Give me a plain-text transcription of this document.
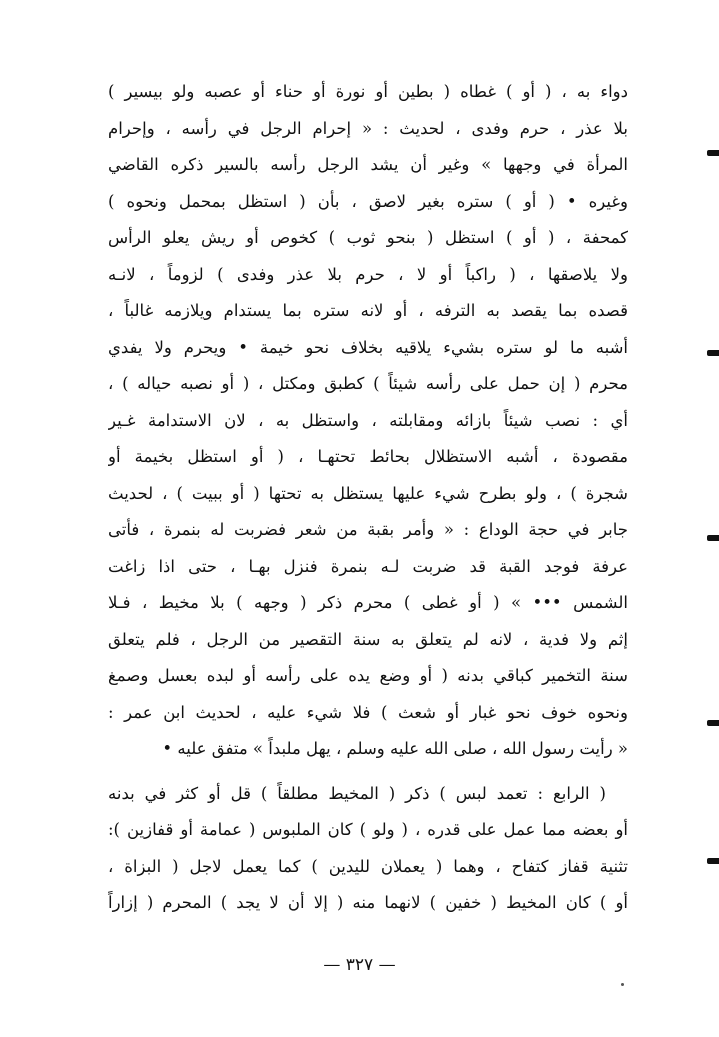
دواء به ، ( أو ) غطاه ( بطين أو نورة أو حناء أو عصبه ولو بيسير )
بلا عذر ، حرم وفدى ، لحديث : « إحرام الرجل في رأسه ، وإحرام
المرأة في وجهها » وغير أن يشد الرجل رأسه بالسير ذكره القاضي
وغيره • ( أو ) ستره بغير لاصق ، بأن ( استظل بمحمل ونحوه )
كمحفة ، ( أو ) استظل ( بنحو ثوب ) كخوص أو ريش يعلو الرأس
ولا يلاصقها ، ( راكباً أو لا ، حرم بلا عذر وفدى ) لزوماً ، لانـه
قصده بما يقصد به الترفه ، أو لانه ستره بما يستدام ويلازمه غالباً ،
أشبه ما لو ستره بشيء يلاقيه بخلاف نحو خيمة • ويحرم ولا يفدي
محرم ( إن حمل على رأسه شيئاً ) كطبق ومكتل ، ( أو نصبه حياله ) ،
أي : نصب شيئاً بازائه ومقابلته ، واستظل به ، لان الاستدامة غـير
مقصودة ، أشبه الاستظلال بحائط تحتهـا ، ( أو استظل بخيمة أو
شجرة ) ، ولو بطرح شيء عليها يستظل به تحتها ( أو ببيت ) ، لحديث
جابر في حجة الوداع : « وأمر بقبة من شعر فضربت له بنمرة ، فأتى
عرفة فوجد القبة قد ضربت لـه بنمرة فنزل بهـا ، حتى اذا زاغت
الشمس ••• » ( أو غطى ) محرم ذكر ( وجهه ) بلا مخيط ، فـلا
إثم ولا فدية ، لانه لم يتعلق به سنة التقصير من الرجل ، فلم يتعلق
سنة التخمير كباقي بدنه ( أو وضع يده على رأسه أو لبده بعسل وصمغ
ونحوه خوف نحو غبار أو شعث ) فلا شيء عليه ، لحديث ابن عمر :
« رأيت رسول الله ، صلى الله عليه وسلم ، يهل ملبداً » متفق عليه •
( الرابع : تعمد لبس ) ذكر ( المخيط مطلقاً ) قل أو كثر في بدنه
أو بعضه مما عمل على قدره ، ( ولو ) كان الملبوس ( عمامة أو قفازين ):
تثنية قفاز كتفاح ، وهما ( يعملان لليدين ) كما يعمل لاجل ( البزاة ،
أو ) كان المخيط ( خفين ) لانهما منه ( إلا أن لا يجد ) المحرم ( إزاراً
— ٣٢٧ —
